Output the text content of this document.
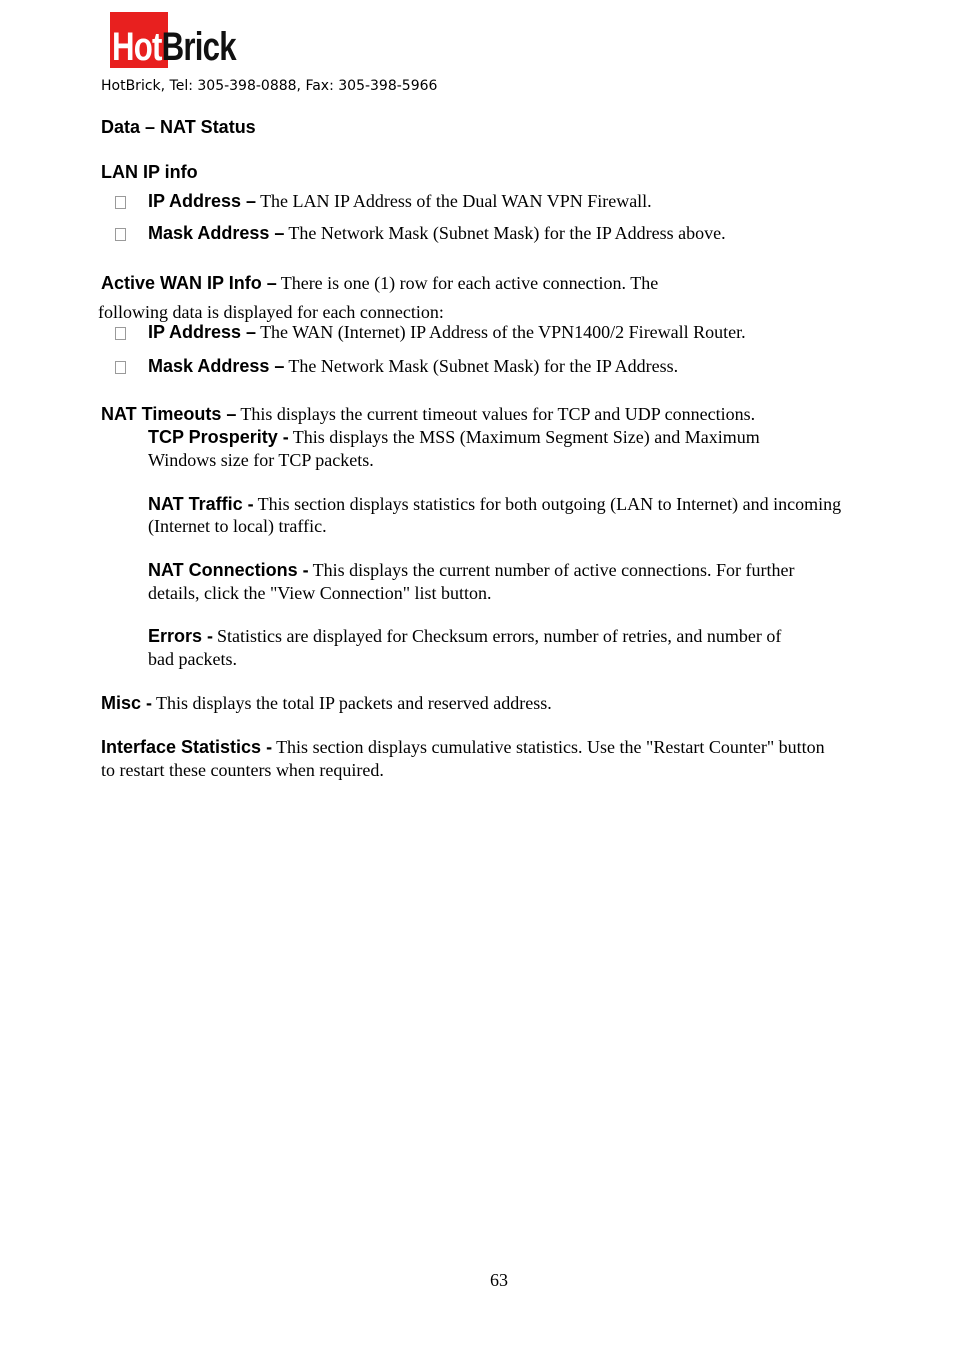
HotBrick
HotBrick, Tel: 305-398-0888, Fax: 305-398-5966
Data – NAT Status
LAN IP info
IP Address – The LAN IP Address of the Dual WAN VPN Firewall.
Mask Address – The Network Mask (Subnet Mask) for the IP Address above.
Active WAN IP Info – There is one (1) row for each active connection. The
following data is displayed for each connection:
IP Address – The WAN (Internet) IP Address of the VPN1400/2 Firewall Router.
Mask Address – The Network Mask (Subnet Mask) for the IP Address.
NAT Timeouts – This displays the current timeout values for TCP and UDP connections.
TCP Prosperity - This displays the MSS (Maximum Segment Size) and Maximum
Windows size for TCP packets.
NAT Traffic - This section displays statistics for both outgoing (LAN to Internet) and incoming
(Internet to local) traffic.
NAT Connections - This displays the current number of active connections. For further
details, click the "View Connection" list button.
Errors - Statistics are displayed for Checksum errors, number of retries, and number of
bad packets.
Misc - This displays the total IP packets and reserved address.
Interface Statistics - This section displays cumulative statistics. Use the "Restart Counter" button
to restart these counters when required.
63
